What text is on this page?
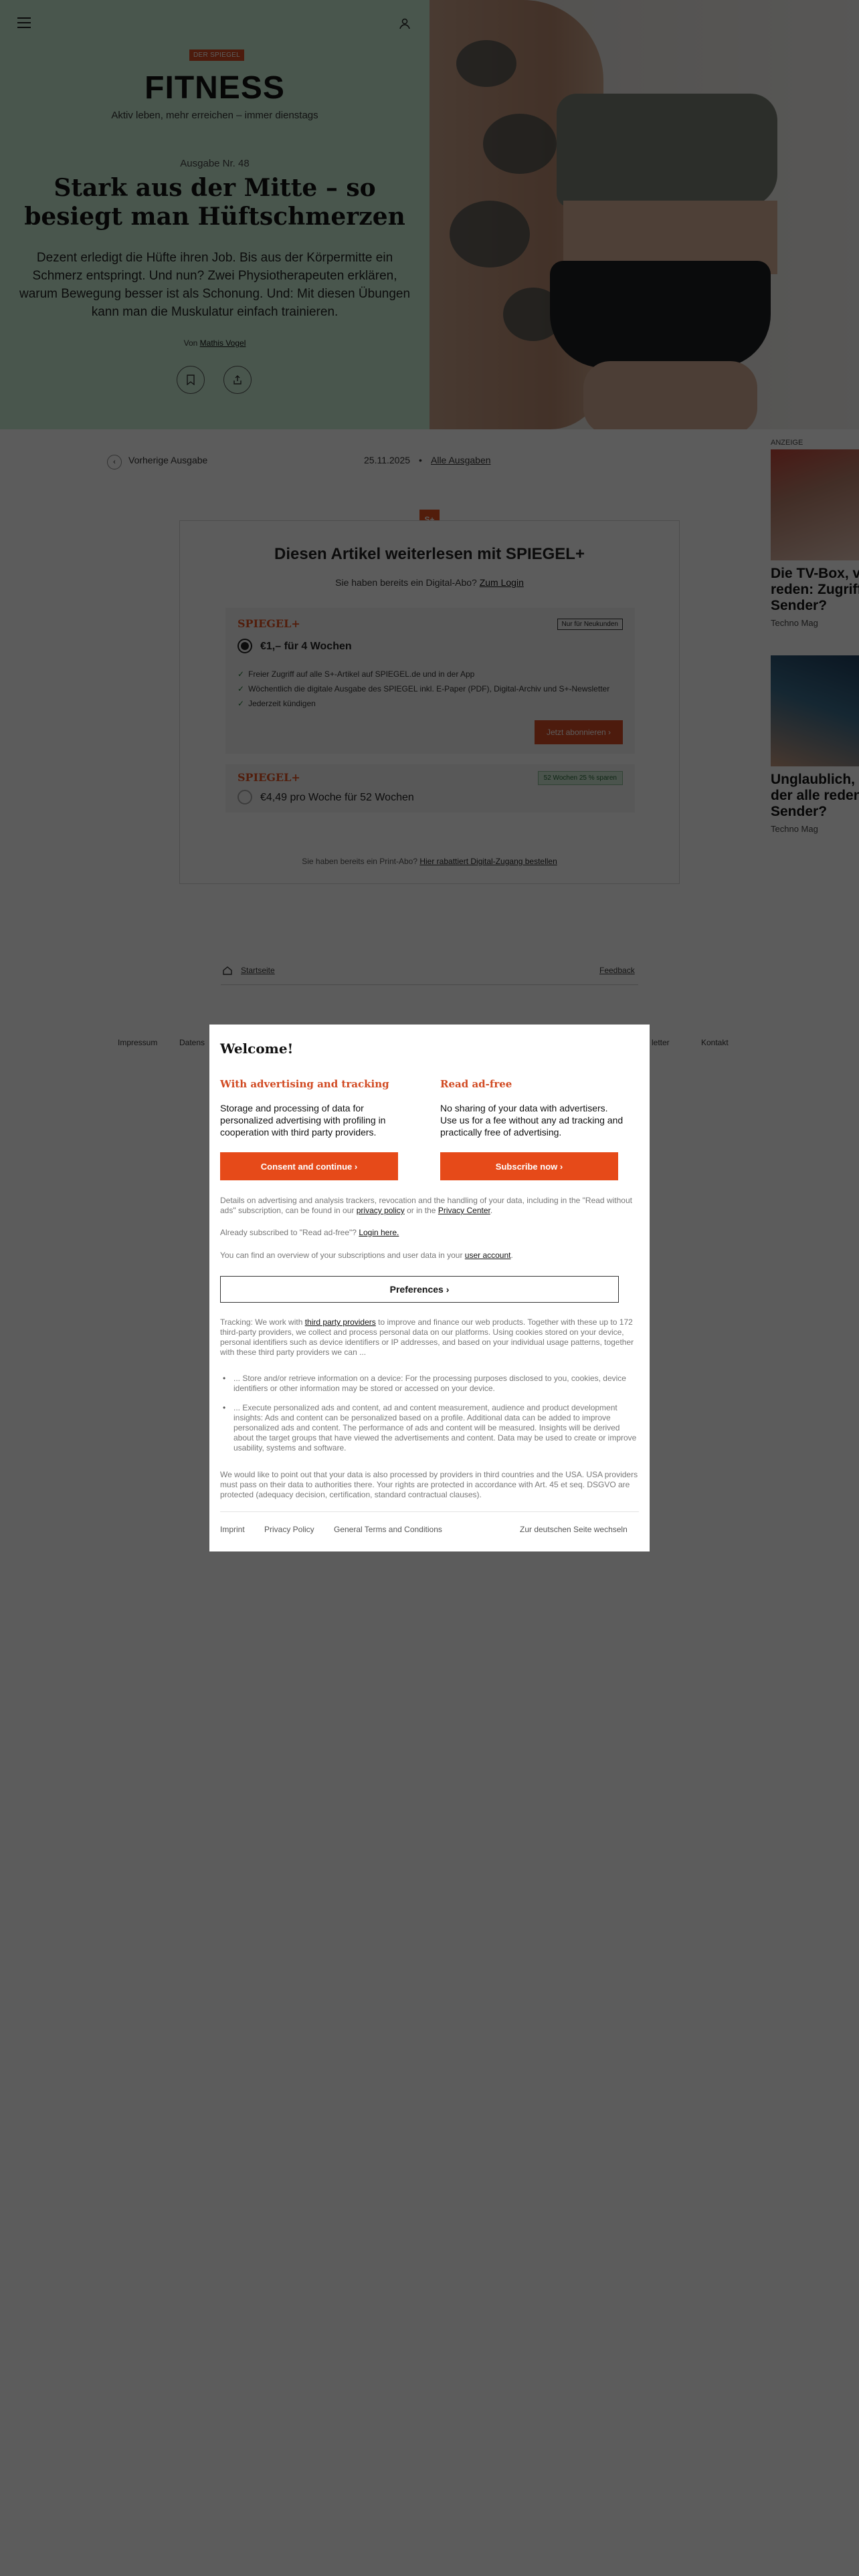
Welcome!
With advertising and tracking
Storage and processing of data for personalized advertising with profiling in cooperation with third party providers.
Consent and continue ›
Read ad-free
No sharing of your data with advertisers. Use us for a fee without any ad tracking and practically free of advertising.
Subscribe now ›
Details on advertising and analysis trackers, revocation and the handling of your data, including in the "Read without ads" subscription, can be found in our privacy policy or in the Privacy Center.
Already subscribed to "Read ad-free"? Login here.
You can find an overview of your subscriptions and user data in your user account.
Preferences ›
Tracking: We work with third party providers to improve and finance our web products. Together with these up to 172 third-party providers, we collect and process personal data on our platforms. Using cookies stored on your device, personal identifiers such as device identifiers or IP addresses, and based on your individual usage patterns, together with these third party providers we can ...
• ... Store and/or retrieve information on a device: For the processing purposes disclosed to you, cookies, device identifiers or other information may be stored or accessed on your device.
• ... Execute personalized ads and content, ad and content measurement, audience and product development insights: Ads and content can be personalized based on a profile. Additional data can be added to improve personalized ads and content. The performance of ads and content will be measured. Insights will be derived about the target groups that have viewed the advertisements and content. Data may be used to create or improve usability, systems and software.
We would like to point out that your data is also processed by providers in third countries and the USA. USA providers must pass on their data to authorities there. Your rights are protected in accordance with Art. 45 et seq. DSGVO are protected (adequacy decision, certification, standard contractual clauses).
Imprint Privacy Policy General Terms and Conditions	Zur deutschen Seite wechseln
